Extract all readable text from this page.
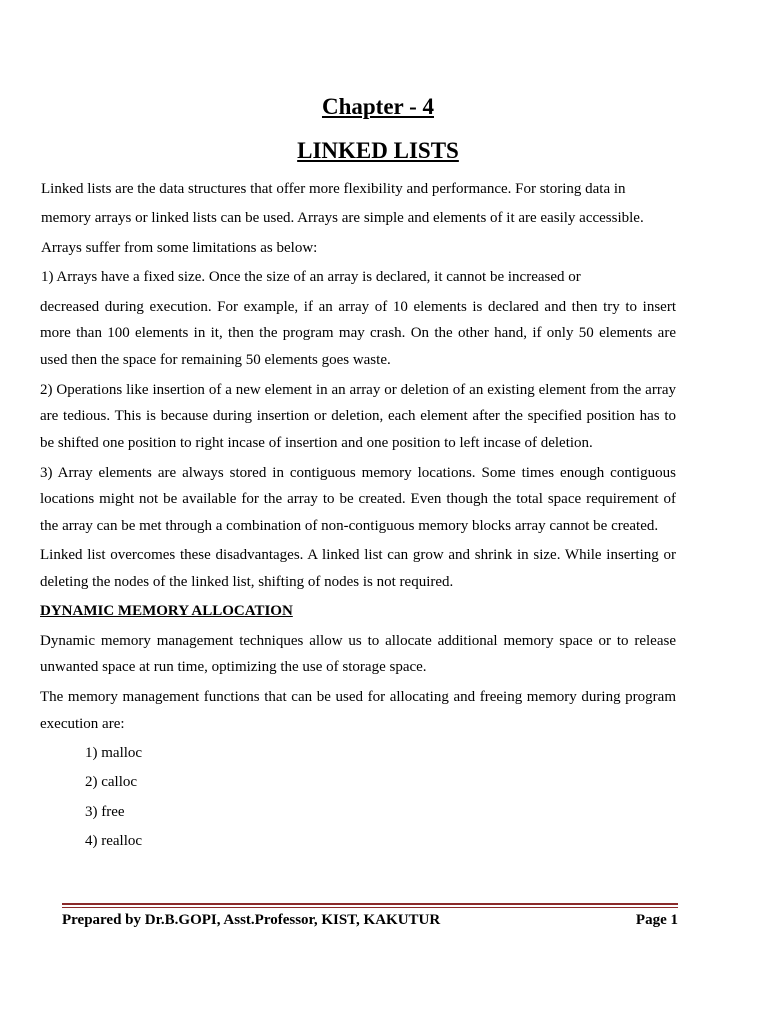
Chapter - 4
LINKED LISTS
Linked lists are the data structures that offer more flexibility and performance. For storing data in
memory arrays or linked lists can be used. Arrays are simple and elements of it are easily accessible.
Arrays suffer from some limitations as below:
1) Arrays have a fixed size. Once the size of an array is declared, it cannot be increased or
decreased during execution. For example, if an array of 10 elements is declared and then try to insert
more than 100 elements in it, then the program may crash. On the other hand, if only 50 elements are
used then the space for remaining 50 elements goes waste.
2) Operations like insertion of a new element in an array or deletion of an existing element from the array
are tedious. This is because during insertion or deletion, each element after the specified position has to
be shifted one position to right incase of insertion and one position to left incase of deletion.
3) Array elements are always stored in contiguous memory locations. Some times enough contiguous
locations might not be available for the array to be created. Even though the total space requirement of
the array can be met through a combination of non-contiguous memory blocks array cannot be created.
Linked list overcomes these disadvantages. A linked list can grow and shrink in size. While inserting or
deleting the nodes of the linked list, shifting of nodes is not required.
DYNAMIC MEMORY ALLOCATION
Dynamic memory management techniques allow us to allocate additional memory space or to release
unwanted space at run time, optimizing the use of storage space.
The memory management functions that can be used for allocating and freeing memory during program
execution are:
1) malloc
2) calloc
3) free
4) realloc
Prepared by Dr.B.GOPI, Asst.Professor, KIST, KAKUTUR	Page 1
